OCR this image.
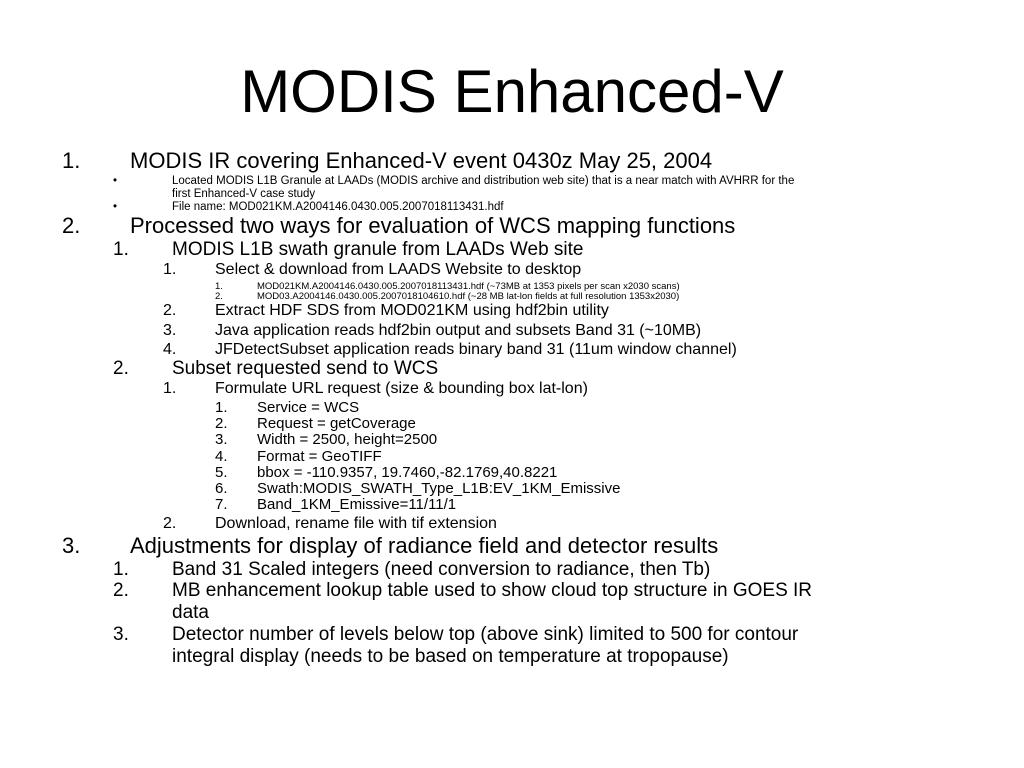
MODIS Enhanced-V
1. MODIS IR covering Enhanced-V event 0430z May 25, 2004
•	Located MODIS L1B Granule at LAADs (MODIS archive and distribution web site) that is a near match with AVHRR for the
first Enhanced-V case study
•	File name: MOD021KM.A2004146.0430.005.2007018113431.hdf
2. Processed two ways for evaluation of WCS mapping functions
1. MODIS L1B swath granule from LAADs Web site
1. Select & download from LAADS Website to desktop
1.	MOD021KM.A2004146.0430.005.2007018113431.hdf (~73MB at 1353 pixels per scan x2030 scans)
2.	MOD03.A2004146.0430.005.2007018104610.hdf (~28 MB lat-lon fields at full resolution 1353x2030)
2. Extract HDF SDS from MOD021KM using hdf2bin utility
3. Java application reads hdf2bin output and subsets Band 31 (~10MB)
4. JFDetectSubset application reads binary band 31 (11um window channel)
2. Subset requested send to WCS
1. Formulate URL request (size & bounding box lat-lon)
1. Service = WCS
2. Request = getCoverage
3. Width = 2500, height=2500
4. Format = GeoTIFF
5. bbox = -110.9357, 19.7460,-82.1769,40.8221
6. Swath:MODIS_SWATH_Type_L1B:EV_1KM_Emissive
7. Band_1KM_Emissive=11/11/1
2. Download, rename file with tif extension
3. Adjustments for display of radiance field and detector results
1. Band 31 Scaled integers (need conversion to radiance, then Tb)
2. MB enhancement lookup table used to show cloud top structure in GOES IR
data
3. Detector number of levels below top (above sink) limited to 500 for contour
integral display (needs to be based on temperature at tropopause)
